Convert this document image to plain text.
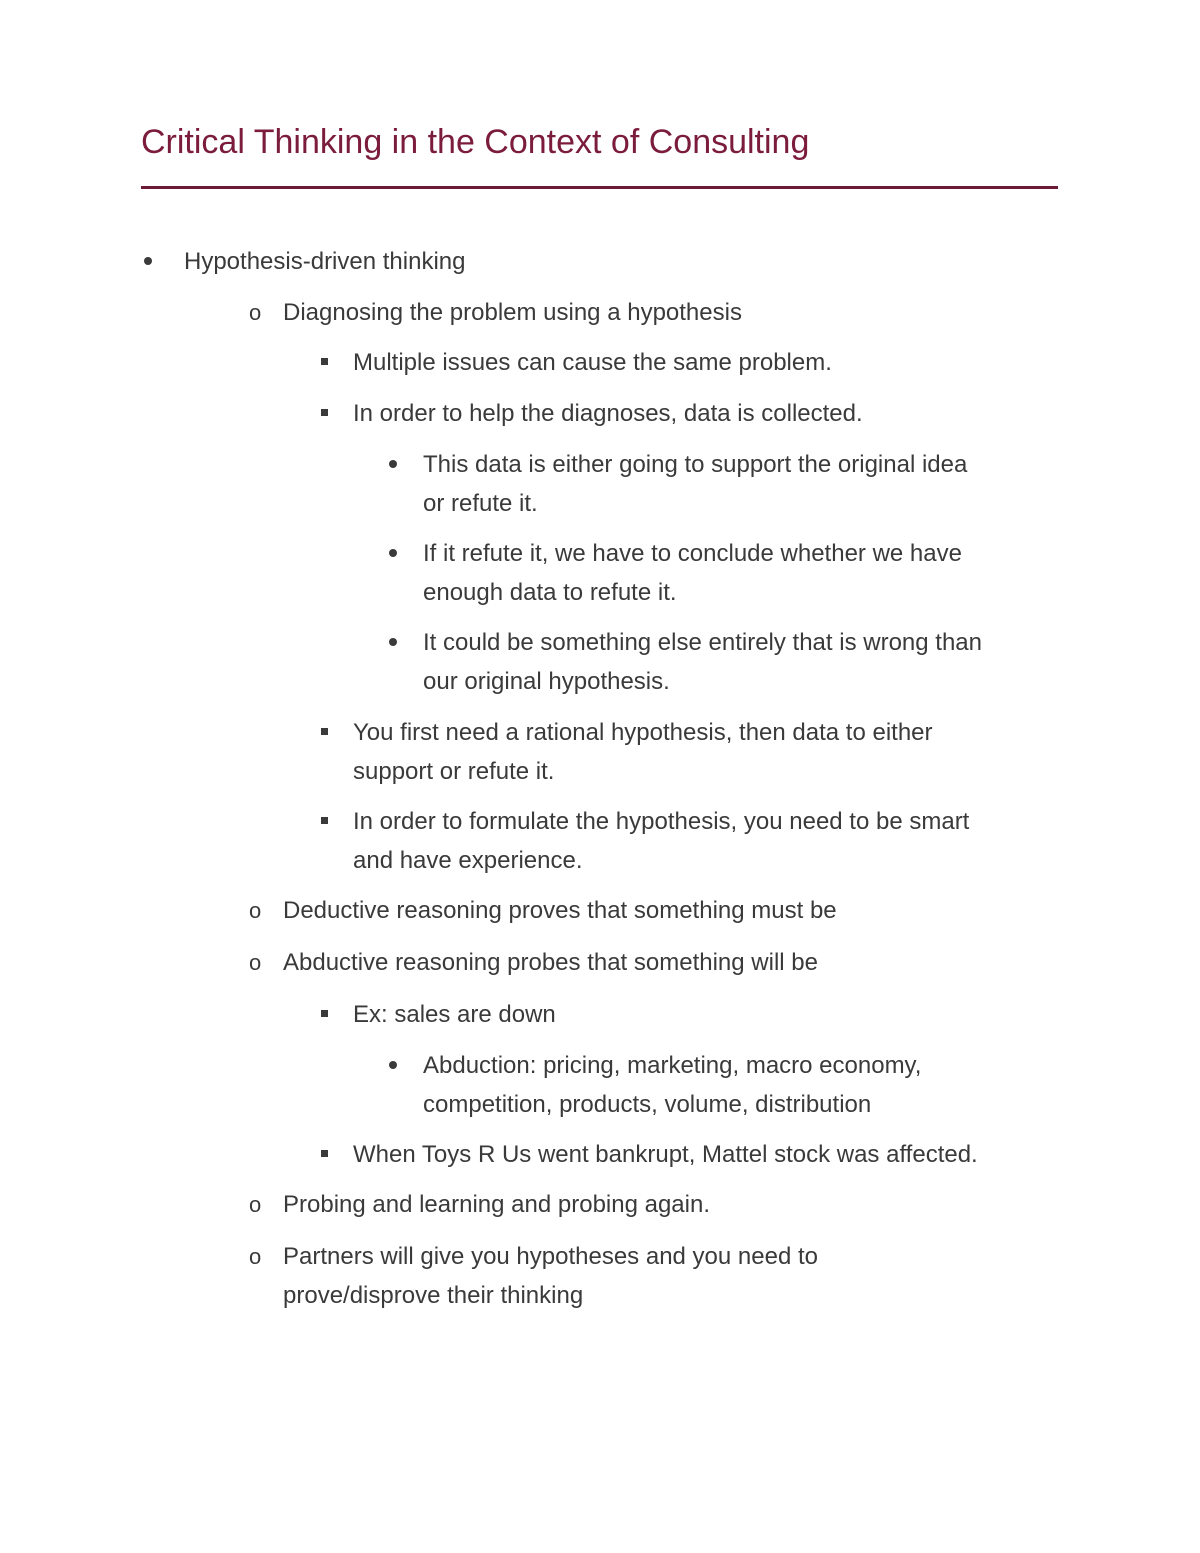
Critical Thinking in the Context of Consulting
Hypothesis-driven thinking
o Diagnosing the problem using a hypothesis
Multiple issues can cause the same problem.
In order to help the diagnoses, data is collected.
This data is either going to support the original idea
or refute it.
If it refute it, we have to conclude whether we have
enough data to refute it.
It could be something else entirely that is wrong than
our original hypothesis.
You first need a rational hypothesis, then data to either
support or refute it.
In order to formulate the hypothesis, you need to be smart
and have experience.
o Deductive reasoning proves that something must be
o Abductive reasoning probes that something will be
Ex: sales are down
Abduction: pricing, marketing, macro economy,
competition, products, volume, distribution
When Toys R Us went bankrupt, Mattel stock was affected.
o Probing and learning and probing again.
o Partners will give you hypotheses and you need to
prove/disprove their thinking
